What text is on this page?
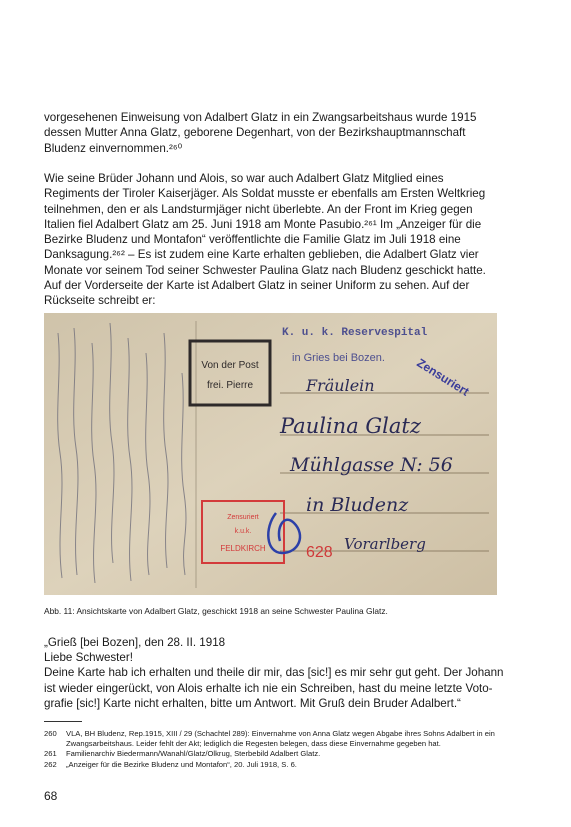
vorgesehenen Einweisung von Adalbert Glatz in ein Zwangsarbeitshaus wurde 1915 dessen Mutter Anna Glatz, geborene Degenhart, von der Bezirkshauptmannschaft Bludenz einvernommen.²⁶⁰

Wie seine Brüder Johann und Alois, so war auch Adalbert Glatz Mitglied eines Regiments der Tiroler Kaiserjäger. Als Soldat musste er ebenfalls am Ersten Weltkrieg teilnehmen, den er als Landsturmjäger nicht überlebte. An der Front im Krieg gegen Italien fiel Adalbert Glatz am 25. Juni 1918 am Monte Pasubio.²⁶¹ Im „Anzeiger für die Bezirke Bludenz und Montafon“ veröffentlichte die Familie Glatz im Juli 1918 eine Danksagung.²⁶² – Es ist zudem eine Karte erhalten geblieben, die Adalbert Glatz vier Monate vor seinem Tod seiner Schwester Paulina Glatz nach Bludenz geschickt hatte. Auf der Vorderseite der Karte ist Adalbert Glatz in seiner Uniform zu sehen. Auf der Rückseite schreibt er:

Von der Post
frei. Pierre
K. u. k. Reservespital
in Gries bei Bozen. Zensuriert
Fräulein
Paulina Glatz
Mühlgasse N: 56
in Bludenz
Vorarlberg
Zensuriert
k.u.k.
FELDKIRCH	628
Abb. 11: Ansichtskarte von Adalbert Glatz, geschickt 1918 an seine Schwester Paulina Glatz.
„Grieß [bei Bozen], den 28. II. 1918
Liebe Schwester!
Deine Karte hab ich erhalten und theile dir mir, das [sic!] es mir sehr gut geht. Der Johann
ist wieder eingerückt, von Alois erhalte ich nie ein Schreiben, hast du meine letzte Voto-
grafie [sic!] Karte nicht erhalten, bitte um Antwort. Mit Gruß dein Bruder Adalbert.“
260	VLA, BH Bludenz, Rep.1915, XIII / 29 (Schachtel 289): Einvernahme von Anna Glatz wegen Abgabe ihres Sohns Adalbert in ein Zwangsarbeitshaus. Leider fehlt der Akt; lediglich die Regesten belegen, dass diese Einvernahme gegeben hat.
261	Familienarchiv Biedermann/Wanahl/Glatz/Olkrug, Sterbebild Adalbert Glatz.
262	„Anzeiger für die Bezirke Bludenz und Montafon“, 20. Juli 1918, S. 6.
68
